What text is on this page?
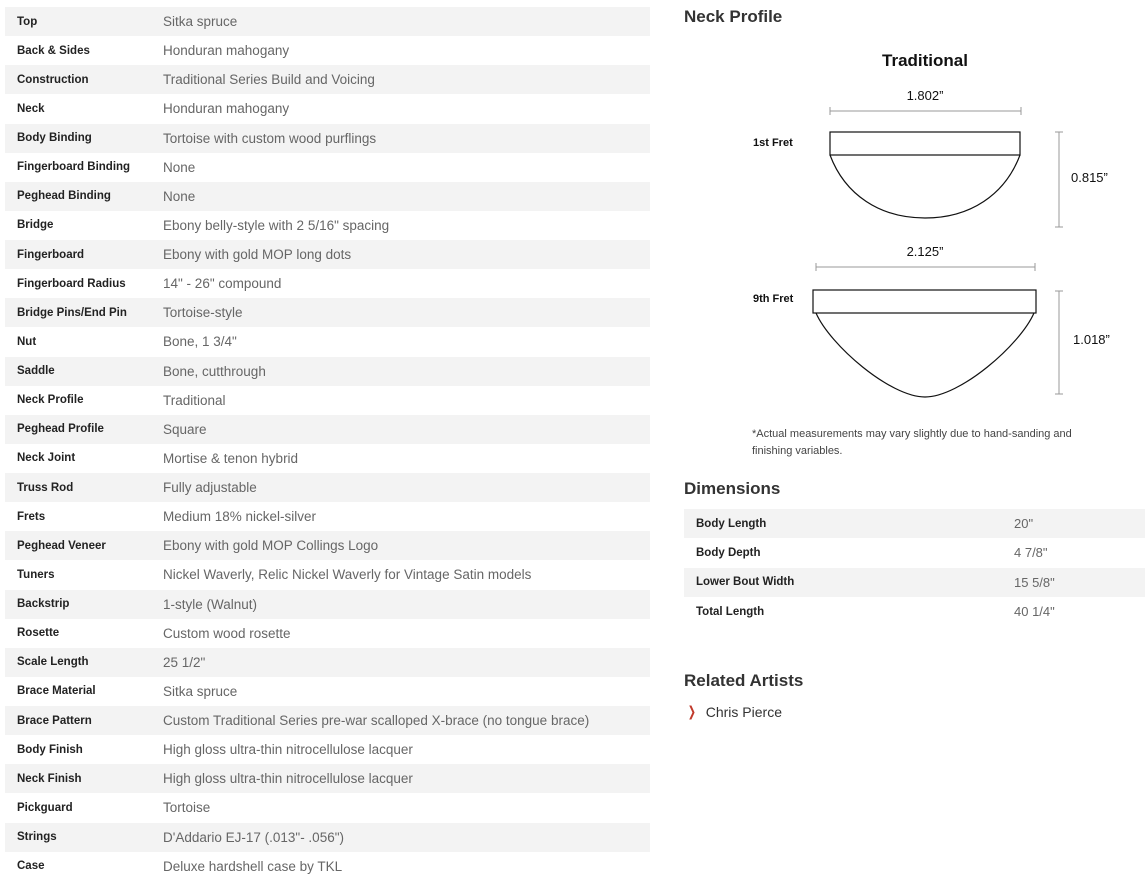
Top	Sitka spruce
Back & Sides	Honduran mahogany
Construction	Traditional Series Build and Voicing
Neck	Honduran mahogany
Body Binding	Tortoise with custom wood purflings
Fingerboard Binding	None
Peghead Binding	None
Bridge	Ebony belly-style with 2 5/16" spacing
Fingerboard	Ebony with gold MOP long dots
Fingerboard Radius	14" - 26" compound
Bridge Pins/End Pin	Tortoise-style
Nut	Bone, 1 3/4"
Saddle	Bone, cutthrough
Neck Profile	Traditional
Peghead Profile	Square
Neck Joint	Mortise & tenon hybrid
Truss Rod	Fully adjustable
Frets	Medium 18% nickel-silver
Peghead Veneer	Ebony with gold MOP Collings Logo
Tuners	Nickel Waverly, Relic Nickel Waverly for Vintage Satin models
Backstrip	1-style (Walnut)
Rosette	Custom wood rosette
Scale Length	25 1/2"
Brace Material	Sitka spruce
Brace Pattern	Custom Traditional Series pre-war scalloped X-brace (no tongue brace)
Body Finish	High gloss ultra-thin nitrocellulose lacquer
Neck Finish	High gloss ultra-thin nitrocellulose lacquer
Pickguard	Tortoise
Strings	D'Addario EJ-17 (.013"- .056")
Case	Deluxe hardshell case by TKL
Neck Profile
Traditional
1.802”
1st Fret
0.815”
2.125”
9th Fret
1.018”
*Actual measurements may vary slightly due to hand-sanding and finishing variables.
Dimensions
Body Length	20"
Body Depth	4 7/8"
Lower Bout Width	15 5/8"
Total Length	40 1/4"
Related Artists
❯ Chris Pierce
